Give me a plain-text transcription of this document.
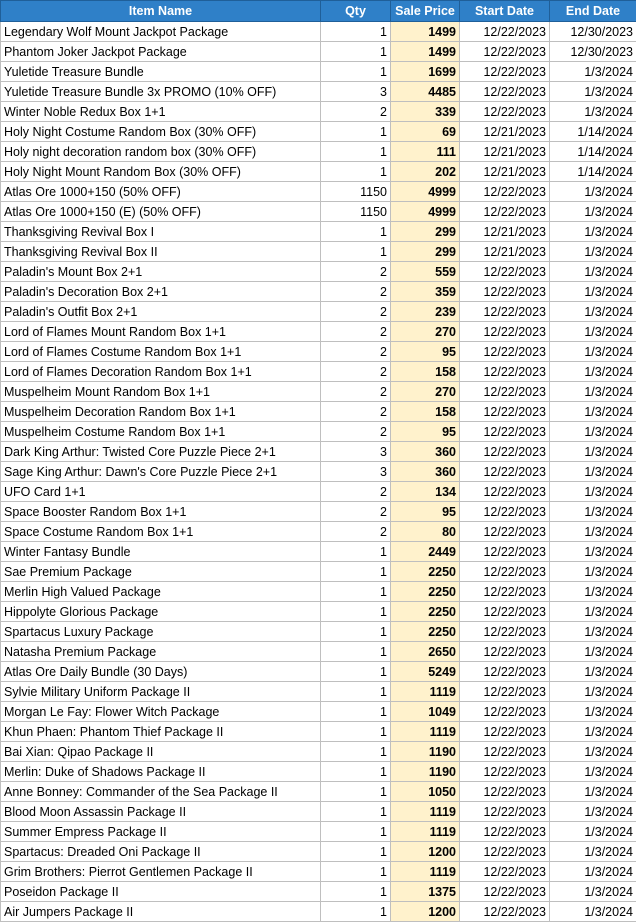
Item Name	Qty	Sale Price	Start Date	End Date
Legendary Wolf Mount Jackpot Package	1	1499	12/22/2023	12/30/2023
Phantom Joker Jackpot Package	1	1499	12/22/2023	12/30/2023
Yuletide Treasure Bundle	1	1699	12/22/2023	1/3/2024
Yuletide Treasure Bundle 3x PROMO (10% OFF)	3	4485	12/22/2023	1/3/2024
Winter Noble Redux Box 1+1	2	339	12/22/2023	1/3/2024
Holy Night Costume Random Box (30% OFF)	1	69	12/21/2023	1/14/2024
Holy night decoration random box (30% OFF)	1	111	12/21/2023	1/14/2024
Holy Night Mount Random Box (30% OFF)	1	202	12/21/2023	1/14/2024
Atlas Ore 1000+150 (50% OFF)	1150	4999	12/22/2023	1/3/2024
Atlas Ore 1000+150 (E) (50% OFF)	1150	4999	12/22/2023	1/3/2024
Thanksgiving Revival Box I	1	299	12/21/2023	1/3/2024
Thanksgiving Revival Box II	1	299	12/21/2023	1/3/2024
Paladin's Mount Box 2+1	2	559	12/22/2023	1/3/2024
Paladin's Decoration Box 2+1	2	359	12/22/2023	1/3/2024
Paladin's Outfit Box 2+1	2	239	12/22/2023	1/3/2024
Lord of Flames Mount Random Box 1+1	2	270	12/22/2023	1/3/2024
Lord of Flames Costume Random Box 1+1	2	95	12/22/2023	1/3/2024
Lord of Flames Decoration Random Box 1+1	2	158	12/22/2023	1/3/2024
Muspelheim Mount Random Box 1+1	2	270	12/22/2023	1/3/2024
Muspelheim Decoration Random Box 1+1	2	158	12/22/2023	1/3/2024
Muspelheim Costume Random Box 1+1	2	95	12/22/2023	1/3/2024
Dark King Arthur: Twisted Core Puzzle Piece 2+1	3	360	12/22/2023	1/3/2024
Sage King Arthur: Dawn's Core Puzzle Piece 2+1	3	360	12/22/2023	1/3/2024
UFO Card 1+1	2	134	12/22/2023	1/3/2024
Space Booster Random Box 1+1	2	95	12/22/2023	1/3/2024
Space Costume Random Box 1+1	2	80	12/22/2023	1/3/2024
Winter Fantasy Bundle	1	2449	12/22/2023	1/3/2024
Sae Premium Package	1	2250	12/22/2023	1/3/2024
Merlin High Valued Package	1	2250	12/22/2023	1/3/2024
Hippolyte Glorious Package	1	2250	12/22/2023	1/3/2024
Spartacus Luxury Package	1	2250	12/22/2023	1/3/2024
Natasha Premium Package	1	2650	12/22/2023	1/3/2024
Atlas Ore Daily Bundle (30 Days)	1	5249	12/22/2023	1/3/2024
Sylvie Military Uniform Package II	1	1119	12/22/2023	1/3/2024
Morgan Le Fay: Flower Witch Package	1	1049	12/22/2023	1/3/2024
Khun Phaen: Phantom Thief Package II	1	1119	12/22/2023	1/3/2024
Bai Xian: Qipao Package II	1	1190	12/22/2023	1/3/2024
Merlin: Duke of Shadows Package II	1	1190	12/22/2023	1/3/2024
Anne Bonney: Commander of the Sea Package II	1	1050	12/22/2023	1/3/2024
Blood Moon Assassin Package II	1	1119	12/22/2023	1/3/2024
Summer Empress Package II	1	1119	12/22/2023	1/3/2024
Spartacus: Dreaded Oni Package II	1	1200	12/22/2023	1/3/2024
Grim Brothers: Pierrot Gentlemen Package II	1	1119	12/22/2023	1/3/2024
Poseidon Package II	1	1375	12/22/2023	1/3/2024
Air Jumpers Package II	1	1200	12/22/2023	1/3/2024
